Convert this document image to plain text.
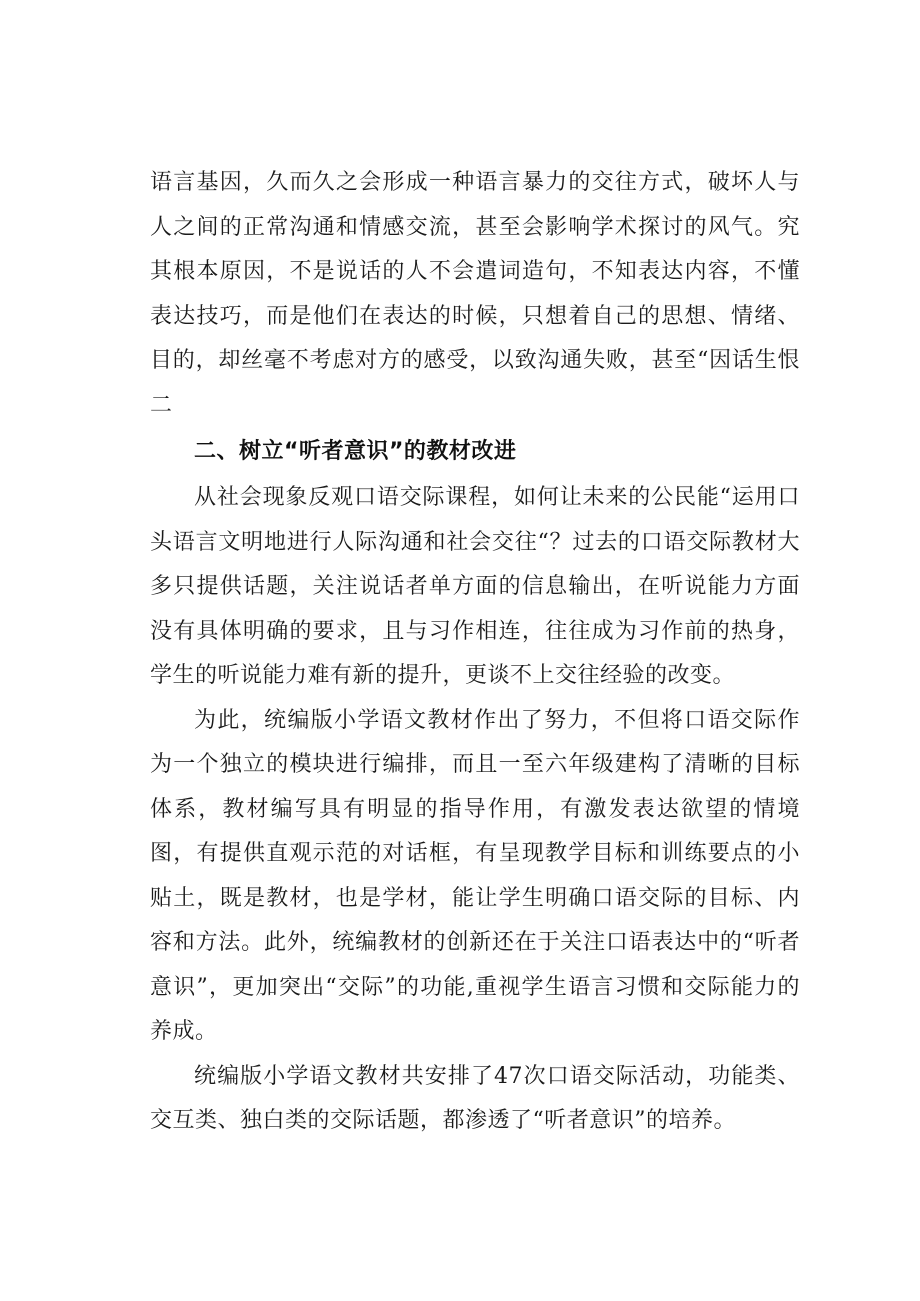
语言基因，久而久之会形成一种语言暴力的交往方式，破坏人与人之间的正常沟通和情感交流，甚至会影响学术探讨的风气。究其根本原因，不是说话的人不会遣词造句，不知表达内容，不懂表达技巧，而是他们在表达的时候，只想着自己的思想、情绪、目的，却丝毫不考虑对方的感受，以致沟通失败，甚至“因话生恨二

二、树立“听者意识”的教材改进

从社会现象反观口语交际课程，如何让未来的公民能“运用口头语言文明地进行人际沟通和社会交往“？过去的口语交际教材大多只提供话题，关注说话者单方面的信息输出，在听说能力方面没有具体明确的要求，且与习作相连，往往成为习作前的热身，学生的听说能力难有新的提升，更谈不上交往经验的改变。

为此，统编版小学语文教材作出了努力，不但将口语交际作为一个独立的模块进行编排，而且一至六年级建构了清晰的目标体系，教材编写具有明显的指导作用，有激发表达欲望的情境图，有提供直观示范的对话框，有呈现教学目标和训练要点的小贴土，既是教材，也是学材，能让学生明确口语交际的目标、内容和方法。此外，统编教材的创新还在于关注口语表达中的“听者意识”，更加突出“交际”的功能,重视学生语言习惯和交际能力的养成。

统编版小学语文教材共安排了47次口语交际活动，功能类、交互类、独白类的交际话题，都渗透了“听者意识”的培养。
